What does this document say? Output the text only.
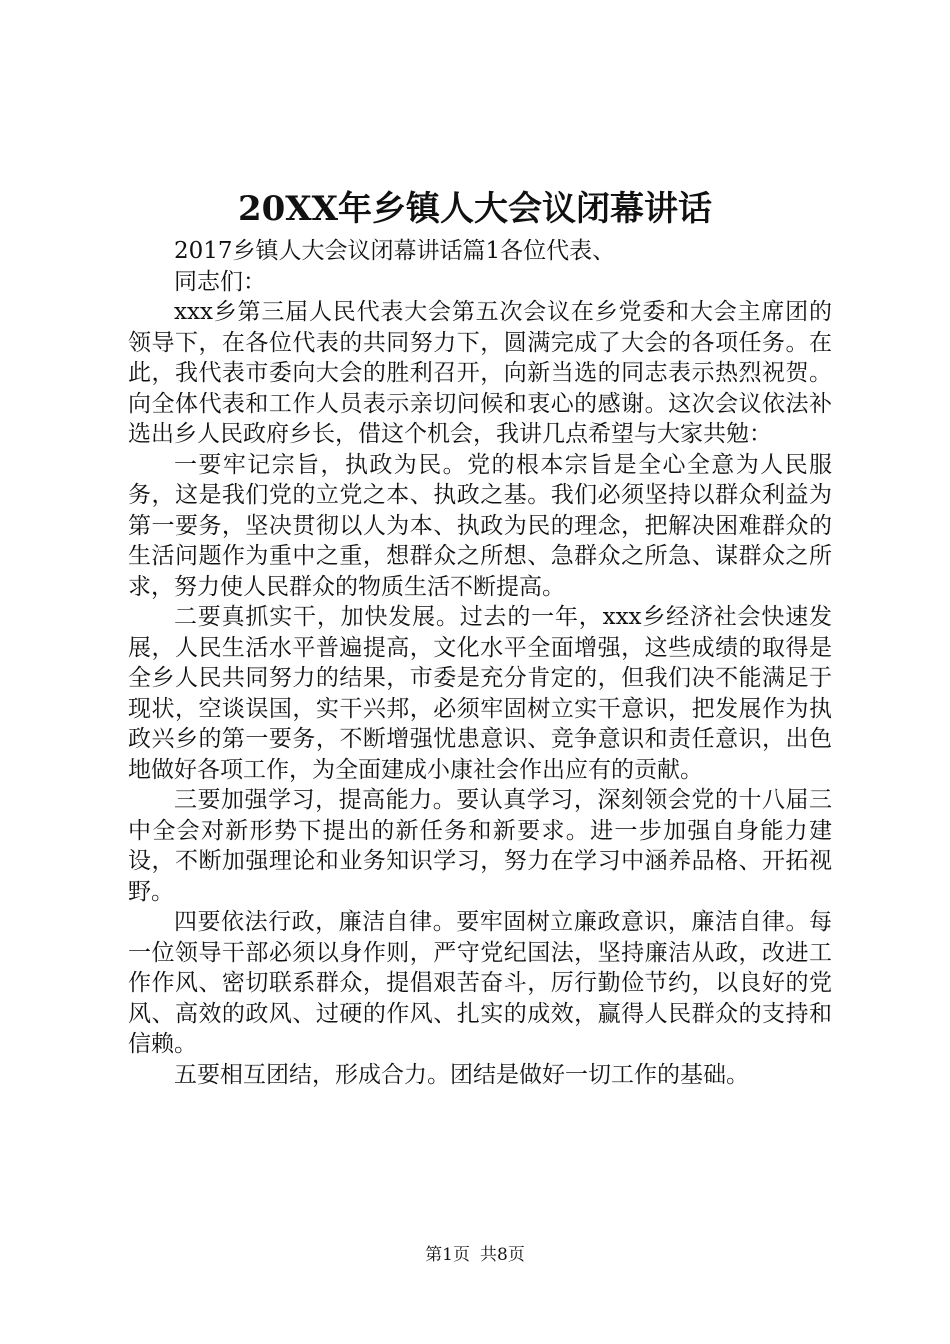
20XX年乡镇人大会议闭幕讲话

2017乡镇人大会议闭幕讲话篇1各位代表、

同志们：

xxx乡第三届人民代表大会第五次会议在乡党委和大会主席团的领导下，在各位代表的共同努力下，圆满完成了大会的各项任务。在此，我代表市委向大会的胜利召开，向新当选的同志表示热烈祝贺。向全体代表和工作人员表示亲切问候和衷心的感谢。这次会议依法补选出乡人民政府乡长，借这个机会，我讲几点希望与大家共勉：

一要牢记宗旨，执政为民。党的根本宗旨是全心全意为人民服务，这是我们党的立党之本、执政之基。我们必须坚持以群众利益为第一要务，坚决贯彻以人为本、执政为民的理念，把解决困难群众的生活问题作为重中之重，想群众之所想、急群众之所急、谋群众之所求，努力使人民群众的物质生活不断提高。

二要真抓实干，加快发展。过去的一年，xxx乡经济社会快速发展，人民生活水平普遍提高，文化水平全面增强，这些成绩的取得是全乡人民共同努力的结果，市委是充分肯定的，但我们决不能满足于现状，空谈误国，实干兴邦，必须牢固树立实干意识，把发展作为执政兴乡的第一要务，不断增强忧患意识、竞争意识和责任意识，出色地做好各项工作，为全面建成小康社会作出应有的贡献。

三要加强学习，提高能力。要认真学习，深刻领会党的十八届三中全会对新形势下提出的新任务和新要求。进一步加强自身能力建设，不断加强理论和业务知识学习，努力在学习中涵养品格、开拓视野。

四要依法行政，廉洁自律。要牢固树立廉政意识，廉洁自律。每一位领导干部必须以身作则，严守党纪国法，坚持廉洁从政，改进工作作风、密切联系群众，提倡艰苦奋斗，厉行勤俭节约，以良好的党风、高效的政风、过硬的作风、扎实的成效，赢得人民群众的支持和信赖。

五要相互团结，形成合力。团结是做好一切工作的基础。

第1页 共8页
